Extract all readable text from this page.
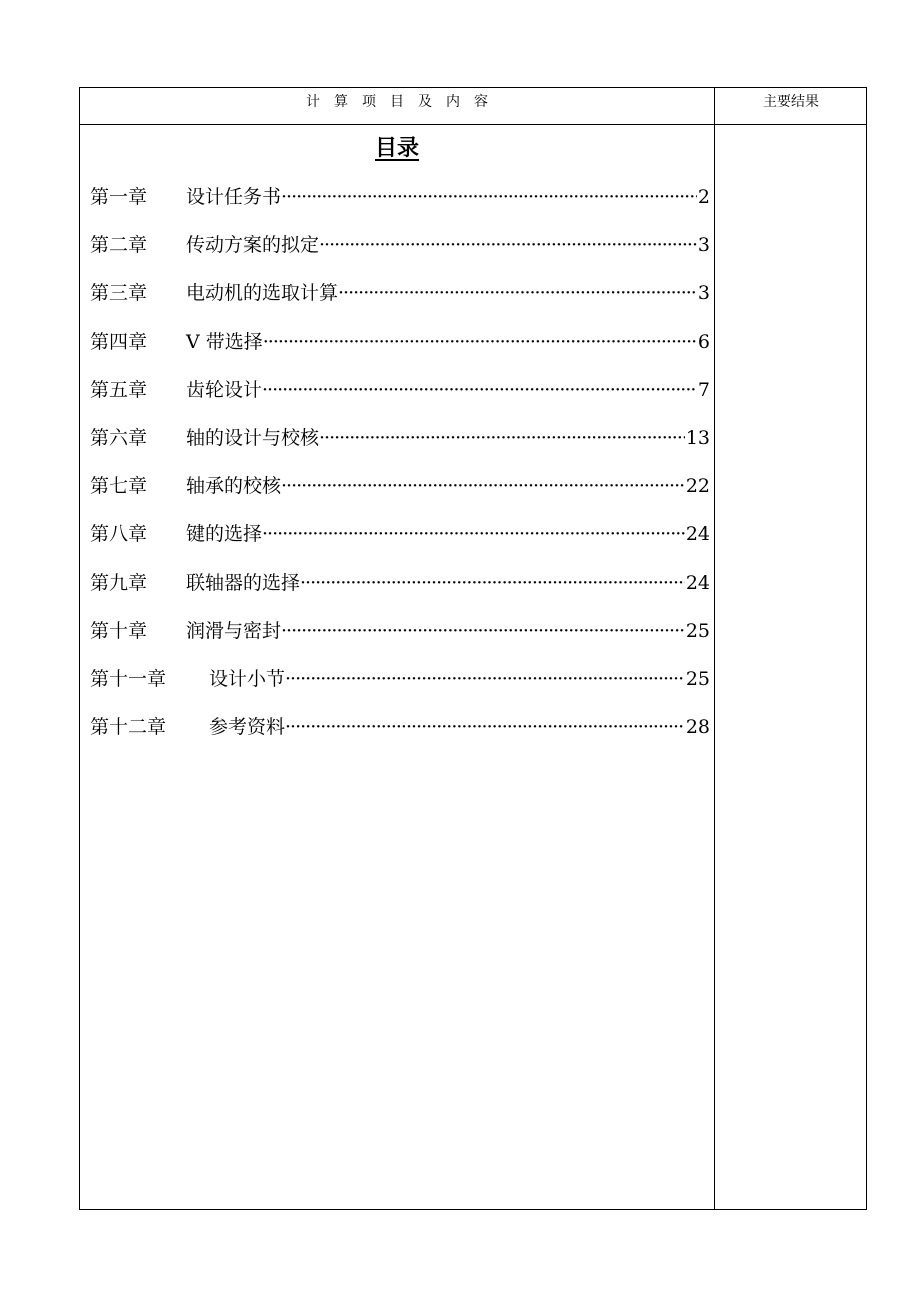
计算项目及内容	主要结果
目录
第一章	设计任务书 ·····	2
第二章	传动方案的拟定 ·····	3
第三章	电动机的选取计算 ·····	3
第四章	V 带选择 ·····	6
第五章	齿轮设计 ·····	7
第六章	轴的设计与校核 ·····	13
第七章	轴承的校核 ·····	22
第八章	键的选择 ·····	24
第九章	联轴器的选择 ·····	24
第十章	润滑与密封 ·····	25
第十一章	设计小节 ·····	25
第十二章	参考资料 ·····	28
